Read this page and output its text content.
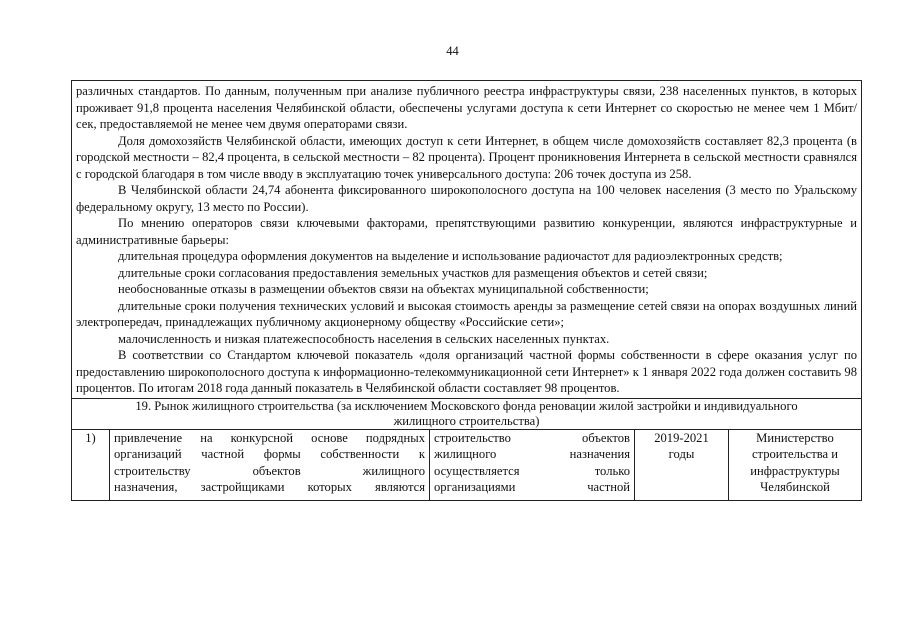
44

различных стандартов. По данным, полученным при анализе публичного реестра инфраструктуры связи, 238 населенных пунктов, в которых проживает 91,8 процента населения Челябинской области, обеспечены услугами доступа к сети Интернет со скоростью не менее чем 1 Мбит/сек, предоставляемой не менее чем двумя операторами связи.

Доля домохозяйств Челябинской области, имеющих доступ к сети Интернет, в общем числе домохозяйств составляет 82,3 процента (в городской местности – 82,4 процента, в сельской местности – 82 процента). Процент проникновения Интернета в сельской местности сравнялся с городской благодаря в том числе вводу в эксплуатацию точек универсального доступа: 206 точек доступа из 258.

В Челябинской области 24,74 абонента фиксированного широкополосного доступа на 100 человек населения (3 место по Уральскому федеральному округу, 13 место по России).

По мнению операторов связи ключевыми факторами, препятствующими развитию конкуренции, являются инфраструктурные и административные барьеры:

длительная процедура оформления документов на выделение и использование радиочастот для радиоэлектронных средств;

длительные сроки согласования предоставления земельных участков для размещения объектов и сетей связи;

необоснованные отказы в размещении объектов связи на объектах муниципальной собственности;

длительные сроки получения технических условий и высокая стоимость аренды за размещение сетей связи на опорах воздушных линий электропередач, принадлежащих публичному акционерному обществу «Российские сети»;

малочисленность и низкая платежеспособность населения в сельских населенных пунктах.

В соответствии со Стандартом ключевой показатель «доля организаций частной формы собственности в сфере оказания услуг по предоставлению широкополосного доступа к информационно-телекоммуникационной сети Интернет» к 1 января 2022 года должен составить 98 процентов. По итогам 2018 года данный показатель в Челябинской области составляет 98 процентов.

19. Рынок жилищного строительства (за исключением Московского фонда реновации жилой застройки и индивидуального жилищного строительства)
1)	привлечение на конкурсной основе подрядных
организаций частной формы собственности к
строительству объектов жилищного
назначения, застройщиками которых являются
строительство объектов
жилищного назначения
осуществляется только
организациями частной
2019-2021
годы
Министерство
строительства и
инфраструктуры
Челябинской
